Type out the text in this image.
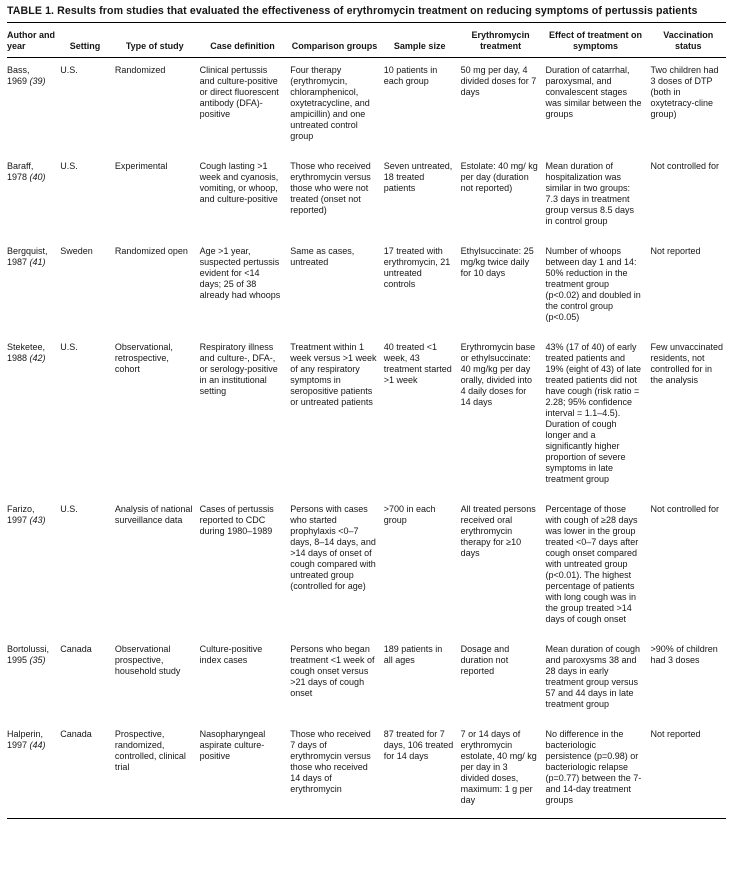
TABLE 1. Results from studies that evaluated the effectiveness of erythromycin treatment on reducing symptoms of pertussis patients

Author and year	Setting	Type of study	Case definition	Comparison groups	Sample size	Erythromycin treatment	Effect of treatment on symptoms	Vaccination status

Bass,
1969 (39)	U.S.	Randomized	Clinical pertussis and culture-positive or direct fluorescent antibody (DFA)-positive	Four therapy (erythromycin, chloramphenicol, oxytetracycline, and ampicillin) and one untreated control group	10 patients in each group	50 mg per day, 4 divided doses for 7 days	Duration of catarrhal, paroxysmal, and convalescent stages was similar between the groups	Two children had 3 doses of DTP (both in oxytetracy-cline group)

Baraff,
1978 (40)	U.S.	Experimental	Cough lasting >1 week and cyanosis, vomiting, or whoop, and culture-positive	Those who received erythromycin versus those who were not treated (onset not reported)	Seven untreated, 18 treated patients	Estolate: 40 mg/ kg per day (duration not reported)	Mean duration of hospitalization was similar in two groups: 7.3 days in treatment group versus 8.5 days in control group	Not controlled for

Bergquist,
1987 (41)	Sweden	Randomized open	Age >1 year, suspected pertussis evident for <14 days; 25 of 38 already had whoops	Same as cases, untreated	17 treated with erythromycin, 21 untreated controls	Ethylsuccinate: 25 mg/kg twice daily for 10 days	Number of whoops between day 1 and 14: 50% reduction in the treatment group (p<0.02) and doubled in the control group (p<0.05)	Not reported

Steketee,
1988 (42)	U.S.	Observational, retrospective, cohort	Respiratory illness and culture-, DFA-, or serology-positive in an institutional setting	Treatment within 1 week versus >1 week of any respiratory symptoms in seropositive patients or untreated patients	40 treated <1 week, 43 treatment started >1 week	Erythromycin base or ethylsuccinate: 40 mg/kg per day orally, divided into 4 daily doses for 14 days	43% (17 of 40) of early treated patients and 19% (eight of 43) of late treated patients did not have cough (risk ratio = 2.28; 95% confidence interval = 1.1–4.5). Duration of cough longer and a significantly higher proportion of severe symptoms in late treatment group	Few unvaccinated residents, not controlled for in the analysis

Farizo,
1997 (43)	U.S.	Analysis of national surveillance data	Cases of pertussis reported to CDC during 1980–1989	Persons with cases who started prophylaxis <0–7 days, 8–14 days, and >14 days of onset of cough compared with untreated group (controlled for age)	>700 in each group	All treated persons received oral erythromycin therapy for ≥10 days	Percentage of those with cough of ≥28 days was lower in the group treated <0–7 days after cough onset compared with untreated group (p<0.01). The highest percentage of patients with long cough was in the group treated >14 days of cough onset	Not controlled for

Bortolussi,
1995 (35)	Canada	Observational prospective, household study	Culture-positive index cases	Persons who began treatment <1 week of cough onset versus >21 days of cough onset	189 patients in all ages	Dosage and duration not reported	Mean duration of cough and paroxysms 38 and 28 days in early treatment group versus 57 and 44 days in late treatment group	>90% of children had 3 doses

Halperin,
1997 (44)	Canada	Prospective, randomized, controlled, clinical trial	Nasopharyngeal aspirate culture-positive	Those who received 7 days of erythromycin versus those who received 14 days of erythromycin	87 treated for 7 days, 106 treated for 14 days	7 or 14 days of erythromycin estolate, 40 mg/ kg per day in 3 divided doses, maximum: 1 g per day	No difference in the bacteriologic persistence (p=0.98) or bacteriologic relapse (p=0.77) between the 7- and 14-day treatment groups	Not reported
